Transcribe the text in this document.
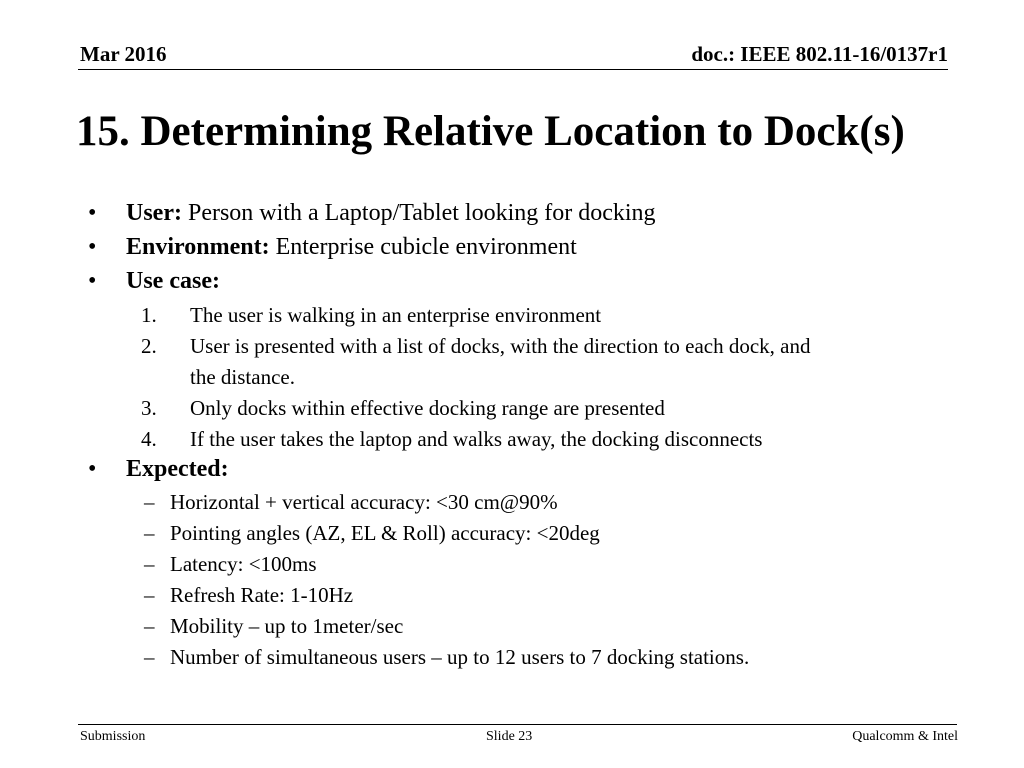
Mar 2016	doc.: IEEE 802.11-16/0137r1
15. Determining Relative Location to Dock(s)
• User: Person with a Laptop/Tablet looking for docking
• Environment: Enterprise cubicle environment
• Use case:
1. The user is walking in an enterprise environment
2. User is presented with a list of docks, with the direction to each dock, and
the distance.
3. Only docks within effective docking range are presented
4. If the user takes the laptop and walks away, the docking disconnects
• Expected:
– Horizontal + vertical accuracy: <30 cm@90%
– Pointing angles (AZ, EL & Roll) accuracy: <20deg
– Latency: <100ms
– Refresh Rate: 1-10Hz
– Mobility – up to 1meter/sec
– Number of simultaneous users – up to 12 users to 7 docking stations.
Submission	Slide 23	Qualcomm & Intel
